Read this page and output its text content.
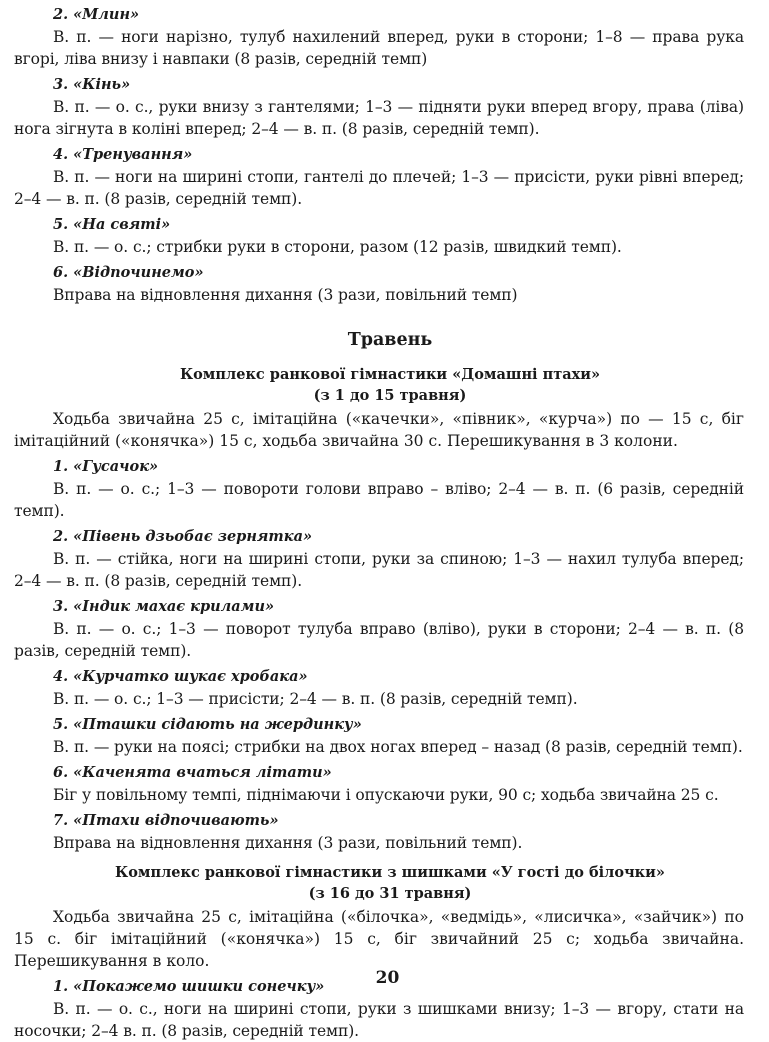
2. «Млин»
В. п. — ноги нарізно, тулуб нахилений вперед, руки в сторони; 1–8 — права рука вгорі, ліва внизу і навпаки (8 разів, середній темп)
3. «Кінь»
В. п. — о. с., руки внизу з гантелями; 1–3 — підняти руки вперед вгору, права (ліва) нога зігнута в коліні вперед; 2–4 — в. п. (8 разів, середній темп).
4. «Тренування»
В. п. — ноги на ширині стопи, гантелі до плечей; 1–3 — присісти, руки рівні вперед; 2–4 — в. п. (8 разів, середній темп).
5. «На святі»
В. п. — о. с.; стрибки руки в сторони, разом (12 разів, швидкий темп).
6. «Відпочинемо»
Вправа на відновлення дихання (3 рази, повільний темп)
Травень
Комплекс ранкової гімнастики «Домашні птахи»
(з 1 до 15 травня)
Ходьба звичайна 25 с, імітаційна («качечки», «півник», «курча») по — 15 с, біг імітаційний («конячка») 15 с, ходьба звичайна 30 с. Перешикування в 3 колони.
1. «Гусачок»
В. п. — о. с.; 1–3 — повороти голови вправо – вліво; 2–4 — в. п. (6 разів, середній темп).
2. «Півень дзьобає зернятка»
В. п. — стійка, ноги на ширині стопи, руки за спиною; 1–3 — нахил тулуба вперед; 2–4 — в. п. (8 разів, середній темп).
3. «Індик махає крилами»
В. п. — о. с.; 1–3 — поворот тулуба вправо (вліво), руки в сторони; 2–4 — в. п. (8 разів, середній темп).
4. «Курчатко шукає хробака»
В. п. — о. с.; 1–3 — присісти; 2–4 — в. п. (8 разів, середній темп).
5. «Пташки сідають на жердинку»
В. п. — руки на поясі; стрибки на двох ногах вперед – назад (8 разів, середній темп).
6. «Каченята вчаться літати»
Біг у повільному темпі, піднімаючи і опускаючи руки, 90 с; ходьба звичайна 25 с.
7. «Птахи відпочивають»
Вправа на відновлення дихання (3 рази, повільний темп).
Комплекс ранкової гімнастики з шишками «У гості до білочки»
(з 16 до 31 травня)
Ходьба звичайна 25 с, імітаційна («білочка», «ведмідь», «лисичка», «зайчик») по 15 с. біг імітаційний («конячка») 15 с, біг звичайний 25 с; ходьба звичайна. Перешикування в коло.
1. «Покажемо шишки сонечку»
В. п. — о. с., ноги на ширині стопи, руки з шишками внизу; 1–3 — вгору, стати на носочки; 2–4 в. п. (8 разів, середній темп).
20
